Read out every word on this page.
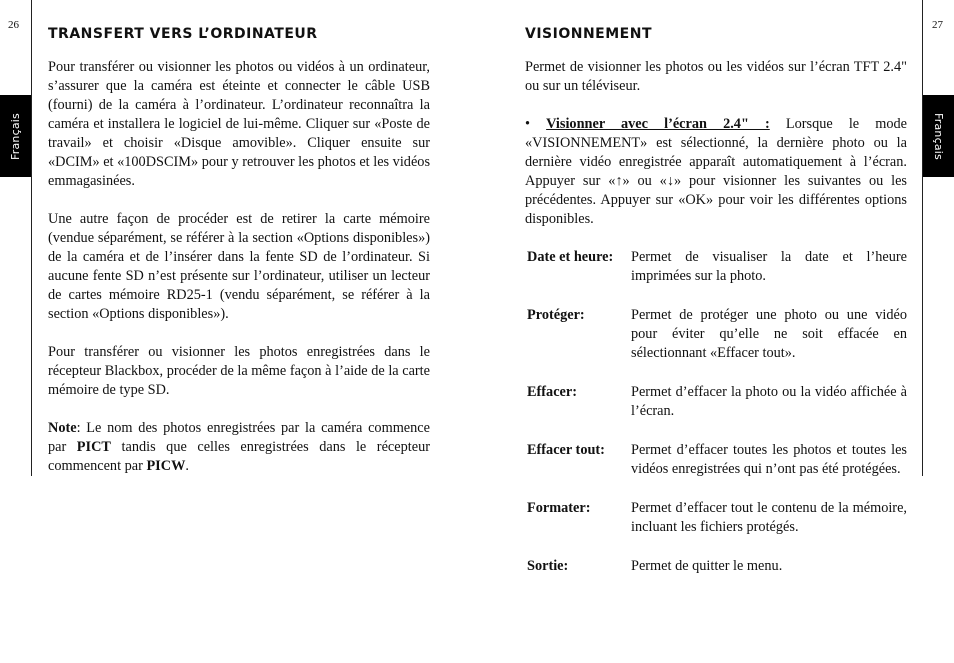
26	27
Français	Français
TRANSFERT VERS L’ORDINATEUR

Pour transférer ou visionner les photos ou vidéos à un ordinateur, s’assurer que la caméra est éteinte et connecter le câble USB (fourni) de la caméra à l’ordinateur. L’ordinateur reconnaîtra la caméra et installera le logiciel de lui-même. Cliquer sur «Poste de travail» et choisir «Disque amovible». Cliquer ensuite sur «DCIM» et «100DSCIM» pour y retrouver les photos et les vidéos emmagasinées.

Une autre façon de procéder est de retirer la carte mémoire (vendue séparément, se référer à la section «Options disponibles») de la caméra et de l’insérer dans la fente SD de l’ordinateur. Si aucune fente SD n’est présente sur l’ordinateur, utiliser un lecteur de cartes mémoire RD25-1 (vendu séparément, se référer à la section «Options disponibles»).

Pour transférer ou visionner les photos enregistrées dans le récepteur Blackbox, procéder de la même façon à l’aide de la carte mémoire de type SD.

Note: Le nom des photos enregistrées par la caméra commence par PICT tandis que celles enregistrées dans le récepteur commencent par PICW.

VISIONNEMENT

Permet de visionner les photos ou les vidéos sur l’écran TFT 2.4" ou sur un téléviseur.

• Visionner avec l’écran 2.4" : Lorsque le mode «VISIONNEMENT» est sélectionné, la dernière photo ou la dernière vidéo enregistrée apparaît automatiquement à l’écran. Appuyer sur «↑» ou «↓» pour visionner les suivantes ou les précédentes. Appuyer sur «OK» pour voir les différentes options disponibles.

Date et heure:	Permet de visualiser la date et l’heure imprimées sur la photo.
Protéger:	Permet de protéger une photo ou une vidéo pour éviter qu’elle ne soit effacée en sélectionnant «Effacer tout».
Effacer:	Permet d’effacer la photo ou la vidéo affichée à l’écran.
Effacer tout:	Permet d’effacer toutes les photos et toutes les vidéos enregistrées qui n’ont pas été protégées.
Formater:	Permet d’effacer tout le contenu de la mémoire, incluant les fichiers protégés.
Sortie:	Permet de quitter le menu.
